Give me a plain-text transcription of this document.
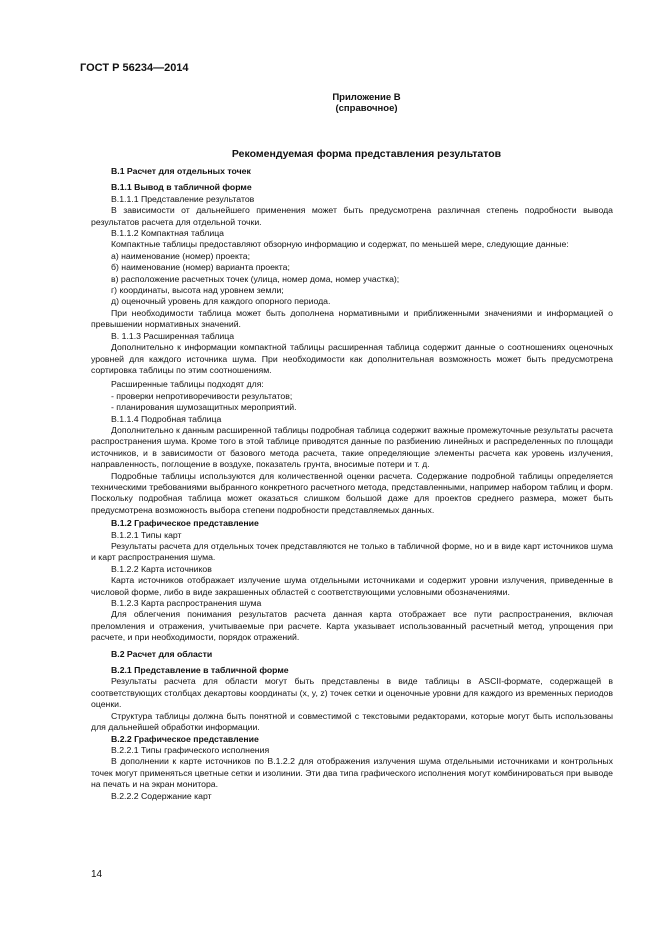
ГОСТ Р 56234—2014
Приложение В
(справочное)
Рекомендуемая форма представления результатов

В.1 Расчет для отдельных точек

В.1.1 Вывод в табличной форме

В.1.1.1 Представление результатов

В зависимости от дальнейшего применения может быть предусмотрена различная степень подробности вывода результатов расчета для отдельной точки.

В.1.1.2 Компактная таблица

Компактные таблицы предоставляют обзорную информацию и содержат, по меньшей мере, следующие данные:

а) наименование (номер) проекта;

б) наименование (номер) варианта проекта;

в) расположение расчетных точек (улица, номер дома, номер участка);

г) координаты, высота над уровнем земли;

д) оценочный уровень для каждого опорного периода.

При необходимости таблица может быть дополнена нормативными и приближенными значениями и информацией о превышении нормативных значений.

В. 1.1.3 Расширенная таблица

Дополнительно к информации компактной таблицы расширенная таблица содержит данные о соотношениях оценочных уровней для каждого источника шума. При необходимости как дополнительная возможность может быть предусмотрена сортировка таблицы по этим соотношениям.

Расширенные таблицы подходят для:

- проверки непротиворечивости результатов;

- планирования шумозащитных мероприятий.

В.1.1.4 Подробная таблица

Дополнительно к данным расширенной таблицы подробная таблица содержит важные промежуточные результаты расчета распространения шума. Кроме того в этой таблице приводятся данные по разбиению линейных и распределенных по площади источников, и в зависимости от базового метода расчета, такие определяющие элементы расчета как уровень излучения, направленность, поглощение в воздухе, показатель грунта, вносимые потери и т. д.

Подробные таблицы используются для количественной оценки расчета. Содержание подробной таблицы определяется техническими требованиями выбранного конкретного расчетного метода, представленными, например набором таблиц и форм. Поскольку подробная таблица может оказаться слишком большой даже для проектов среднего размера, может быть предусмотрена возможность выбора степени подробности представляемых данных.

В.1.2 Графическое представление

В.1.2.1 Типы карт

Результаты расчета для отдельных точек представляются не только в табличной форме, но и в виде карт источников шума и карт распространения шума.

В.1.2.2 Карта источников

Карта источников отображает излучение шума отдельными источниками и содержит уровни излучения, приведенные в числовой форме, либо в виде закрашенных областей с соответствующими условными обозначениями.

В.1.2.3 Карта распространения шума

Для облегчения понимания результатов расчета данная карта отображает все пути распространения, включая преломления и отражения, учитываемые при расчете. Карта указывает использованный расчетный метод, упрощения при расчете, и при необходимости, порядок отражений.

В.2 Расчет для области

В.2.1 Представление в табличной форме

Результаты расчета для области могут быть представлены в виде таблицы в ASCII-формате, содержащей в соответствующих столбцах декартовы координаты (x, y, z) точек сетки и оценочные уровни для каждого из временных периодов оценки.

Структура таблицы должна быть понятной и совместимой с текстовыми редакторами, которые могут быть использованы для дальнейшей обработки информации.

В.2.2 Графическое представление

В.2.2.1 Типы графического исполнения

В дополнении к карте источников по В.1.2.2 для отображения излучения шума отдельными источниками и контрольных точек могут применяться цветные сетки и изолинии. Эти два типа графического исполнения могут комбинироваться при выводе на печать и на экран монитора.

В.2.2.2 Содержание карт

14
